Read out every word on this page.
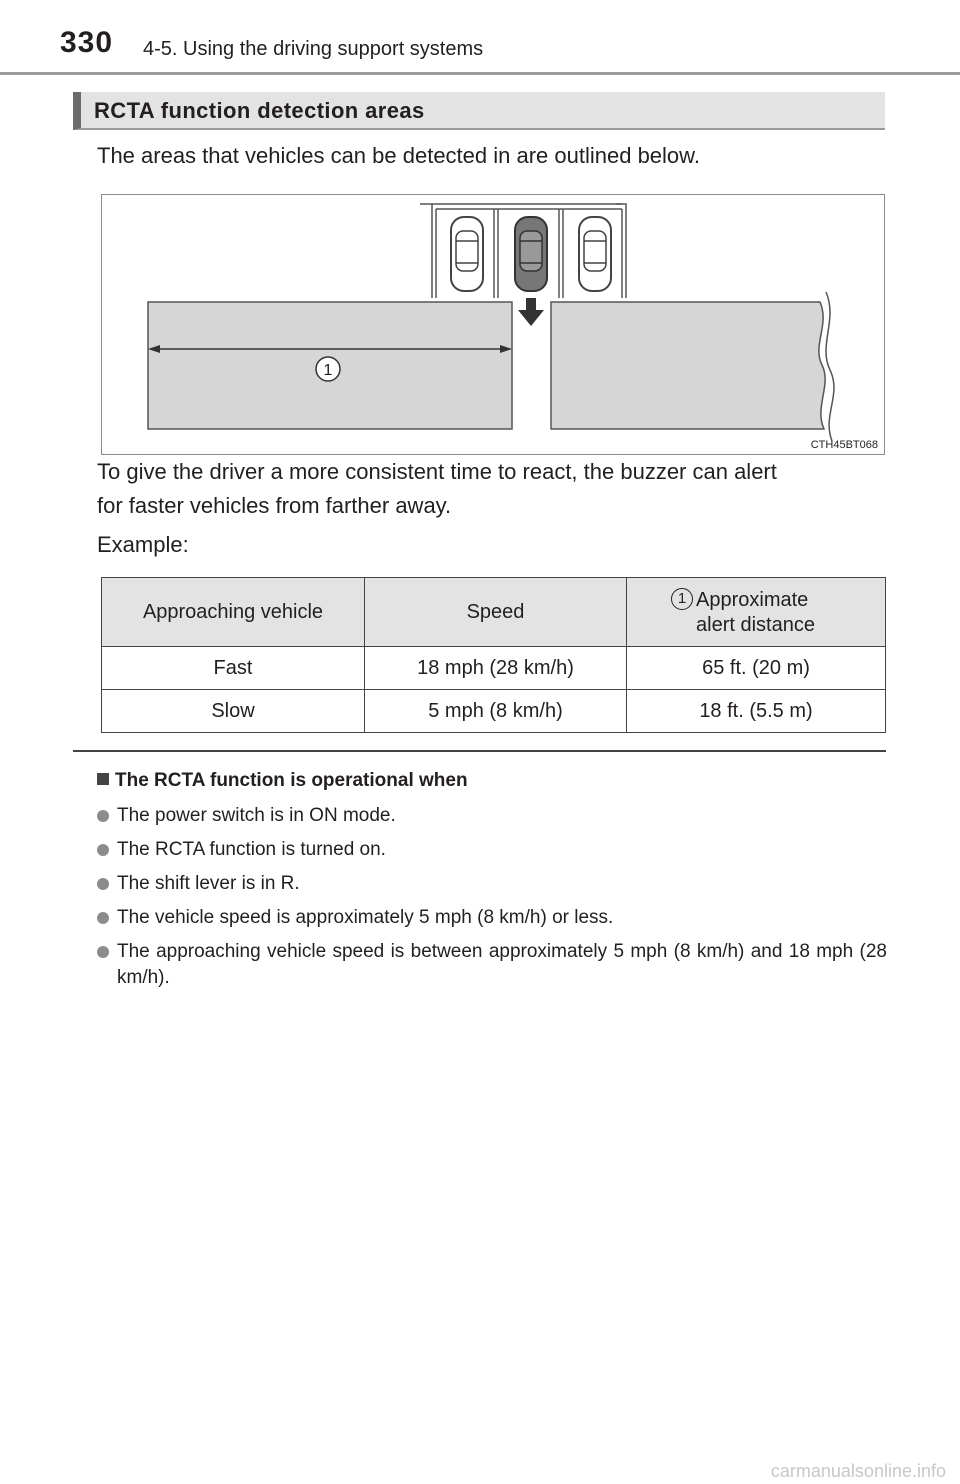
330 4-5. Using the driving support systems
RCTA function detection areas
The areas that vehicles can be detected in are outlined below.
1
CTH45BT068
To give the driver a more consistent time to react, the buzzer can alert
for faster vehicles from farther away.
Example:
Approaching vehicle	Speed	1 Approximate
alert distance

Fast	18 mph (28 km/h)	65 ft. (20 m)
Slow	5 mph (8 km/h)	18 ft. (5.5 m)
The RCTA function is operational when
The power switch is in ON mode.
The RCTA function is turned on.
The shift lever is in R.
The vehicle speed is approximately 5 mph (8 km/h) or less.
The approaching vehicle speed is between approximately 5 mph (8 km/h) and 18 mph (28 km/h).
carmanualsonline.info
